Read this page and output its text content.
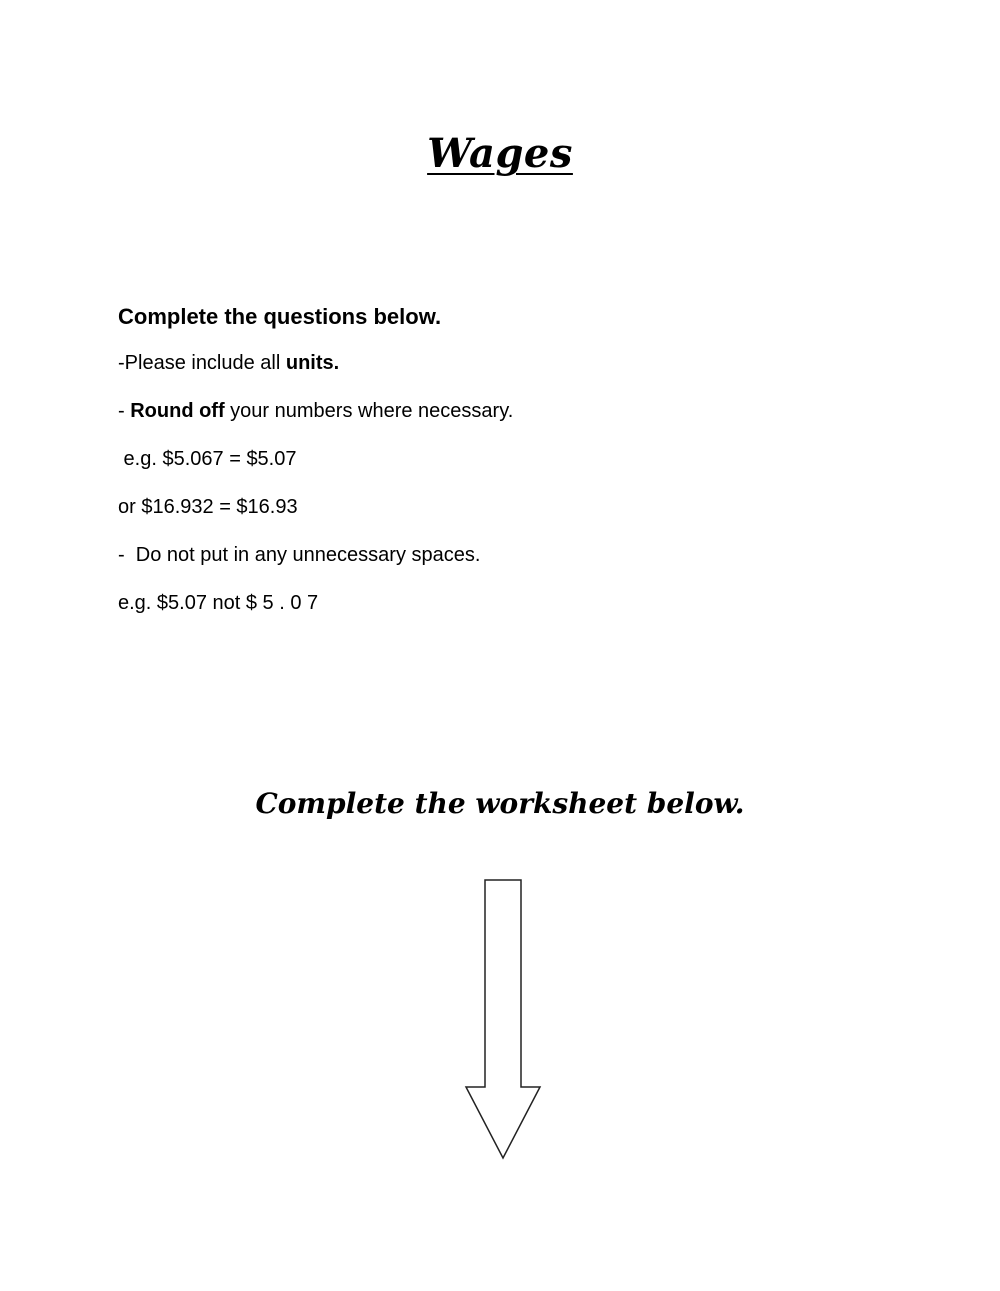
Wages
Complete the questions below.
-Please include all units.
- Round off your numbers where necessary.
e.g. $5.067 = $5.07
or $16.932 = $16.93
-  Do not put in any unnecessary spaces.
e.g. $5.07 not $ 5 . 0 7
Complete the worksheet below.
